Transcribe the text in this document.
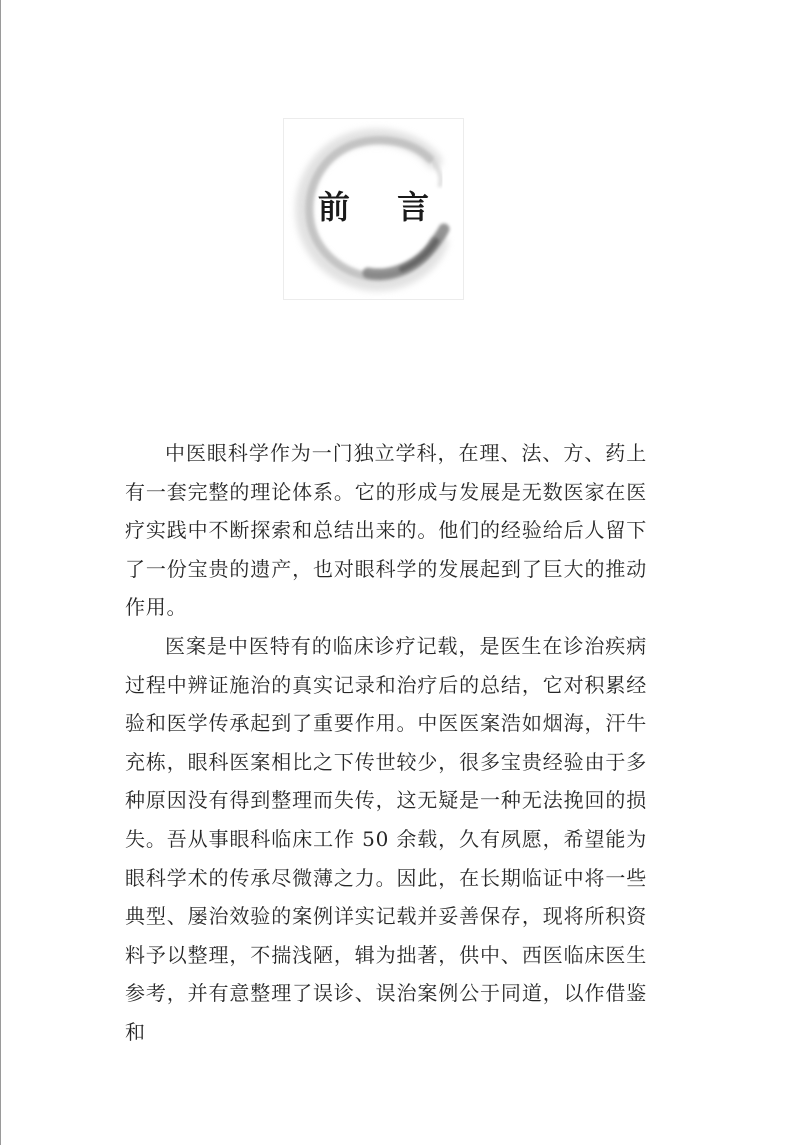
前 言

中医眼科学作为一门独立学科，在理、法、方、药上有一套完整的理论体系。它的形成与发展是无数医家在医疗实践中不断探索和总结出来的。他们的经验给后人留下了一份宝贵的遗产，也对眼科学的发展起到了巨大的推动作用。

医案是中医特有的临床诊疗记载，是医生在诊治疾病过程中辨证施治的真实记录和治疗后的总结，它对积累经验和医学传承起到了重要作用。中医医案浩如烟海，汗牛充栋，眼科医案相比之下传世较少，很多宝贵经验由于多种原因没有得到整理而失传，这无疑是一种无法挽回的损失。吾从事眼科临床工作 50 余载，久有夙愿，希望能为眼科学术的传承尽微薄之力。因此，在长期临证中将一些典型、屡治效验的案例详实记载并妥善保存，现将所积资料予以整理，不揣浅陋，辑为拙著，供中、西医临床医生参考，并有意整理了误诊、误治案例公于同道，以作借鉴和
